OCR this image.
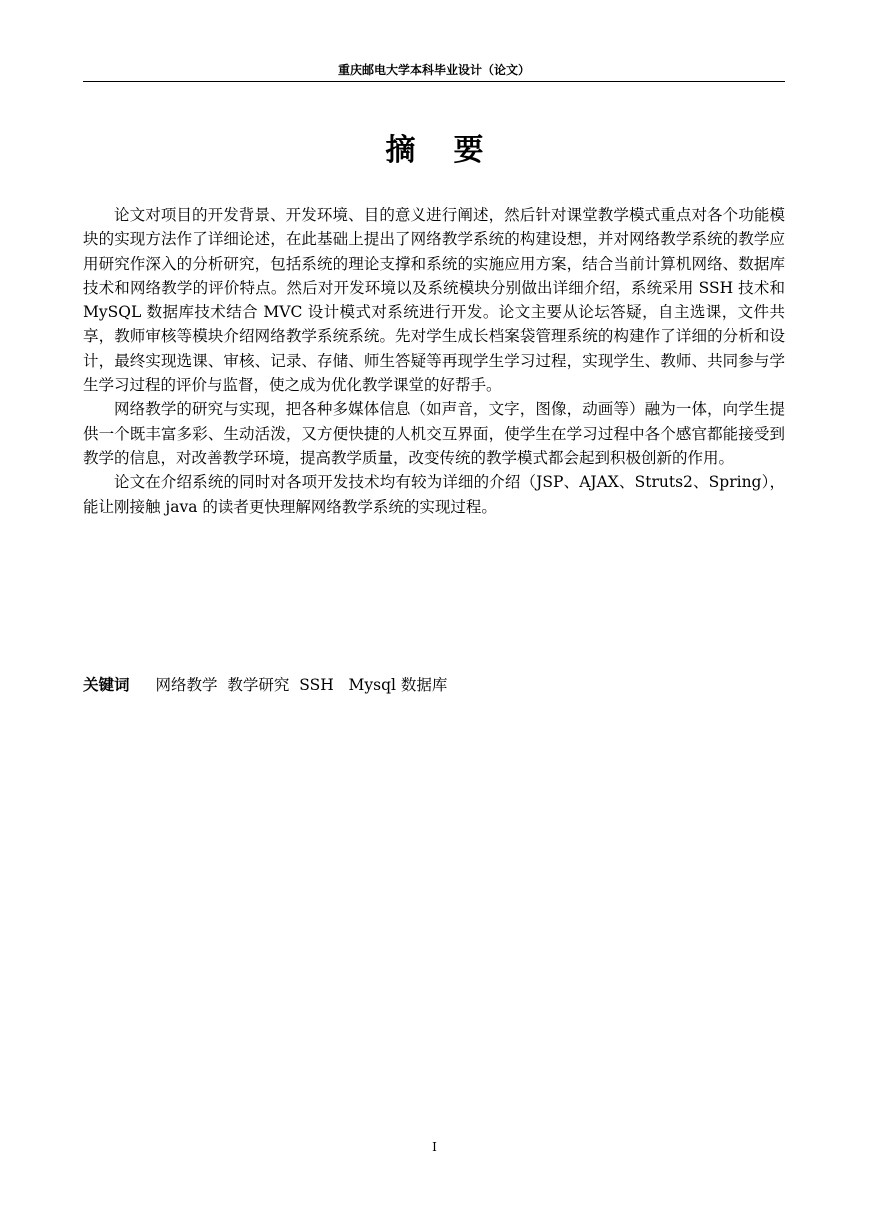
重庆邮电大学本科毕业设计（论文）
摘要

论文对项目的开发背景、开发环境、目的意义进行阐述，然后针对课堂教学模式重点对各个功能模块的实现方法作了详细论述，在此基础上提出了网络教学系统的构建设想，并对网络教学系统的教学应用研究作深入的分析研究，包括系统的理论支撑和系统的实施应用方案，结合当前计算机网络、数据库技术和网络教学的评价特点。然后对开发环境以及系统模块分别做出详细介绍，系统采用 SSH 技术和 MySQL 数据库技术结合 MVC 设计模式对系统进行开发。论文主要从论坛答疑，自主选课，文件共享，教师审核等模块介绍网络教学系统系统。先对学生成长档案袋管理系统的构建作了详细的分析和设计，最终实现选课、审核、记录、存储、师生答疑等再现学生学习过程，实现学生、教师、共同参与学生学习过程的评价与监督，使之成为优化教学课堂的好帮手。

网络教学的研究与实现，把各种多媒体信息（如声音，文字，图像，动画等）融为一体，向学生提供一个既丰富多彩、生动活泼，又方便快捷的人机交互界面，使学生在学习过程中各个感官都能接受到教学的信息，对改善教学环境，提高教学质量，改变传统的教学模式都会起到积极创新的作用。

论文在介绍系统的同时对各项开发技术均有较为详细的介绍（JSP、AJAX、Struts2、Spring），能让刚接触 java 的读者更快理解网络教学系统的实现过程。

关键词 网络教学  教学研究  SSH   Mysql 数据库
I
